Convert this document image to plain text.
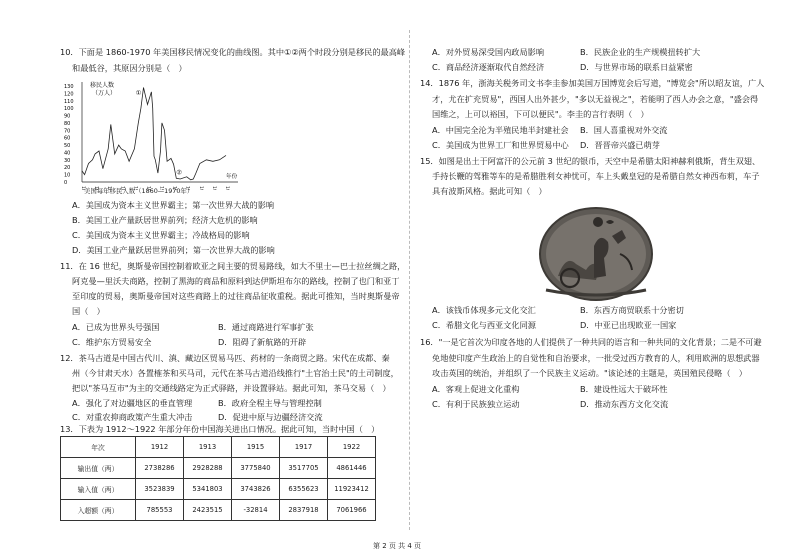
10．下面是 1860-1970 年美国移民情况变化的曲线图。其中①②两个时段分别是移民的最高峰
和最低谷，其原因分别是（　）
移民人数
（万人）
130
120
110
100
90
80
70
60
50
40
30
20
10
0
年份
①
②
美国每年移民人数（1860—1970年）
A．美国成为资本主义世界霸主；第一次世界大战的影响
B．美国工业产量跃居世界前列；经济大危机的影响
C．美国成为资本主义世界霸主；冷战格局的影响
D．美国工业产量跃居世界前列；第一次世界大战的影响
11．在 16 世纪，奥斯曼帝国控制着欧亚之间主要的贸易路线，如大不里士—巴士拉丝绸之路，
阿克曼—里沃夫商路，控制了黑海的商品和原料到达伊斯坦布尔的路线，控制了也门和亚丁
至印度的贸易，奥斯曼帝国对这些商路上的过往商品征收重税。据此可推知，当时奥斯曼帝
国（　）
A．已成为世界头号强国	B．通过商路进行军事扩张
C．维护东方贸易安全	D．阻碍了新航路的开辟
12．茶马古道是中国古代川、滇、藏边区贸易马匹、药材的一条商贸之路。宋代在成都、秦
州（今甘肃天水）各置榷茶和买马司，元代在茶马古道沿线推行"土官治土民"的土司制度，
把以"茶马互市"为主的交通线路定为正式驿路，并设置驿站。据此可知，茶马交易（　）
A．强化了对边疆地区的垂直管理	B．政府全程主导与管理控制
C．对重农抑商政策产生重大冲击	D．促进中原与边疆经济交流
13．下表为 1912～1922 年部分年份中国海关进出口情况。据此可知，当时中国（　）
年次	1912	1913	1915	1917	1922
输出值（两）	2738286	2928288	3775840	3517705	4861446
输入值（两）	3523839	5341803	3743826	6355623	11923412
入超额（两）	785553	2423515	-32814	2837918	7061966
A．对外贸易深受国内政局影响	B．民族企业的生产规模扭转扩大
C．商品经济逐渐取代自然经济	D．与世界市场的联系日益紧密
14．1876 年，浙海关税务司文书李圭参加美国万国博览会后写道，"博览会"所以昭友谊，广人
才，尤在扩充贸易"，西国人出外甚少，"多以无益视之"，若能明了西人办会之意，"盛会得
国维之，上可以裕国，下可以便民"。李圭的言行表明（　）
A．中国完全沦为半殖民地半封建社会 B．国人喜重视对外交流
C．美国成为世界工厂和世界贸易中心 D．晋晋帝兴盛已萌芽
15．如图是出土于阿富汗的公元前 3 世纪的银币，天空中是希腊太阳神赫利俄斯，背生双翅、
手持长鞭的驾雅等车的是希腊胜利女神忧可，车上头戴皇冠的是希腊自然女神西布莉，车子
具有波斯风格。据此可知（　）
A．该钱币体现多元文化交汇	B．东西方商贸联系十分密切
C．希腊文化与西亚文化同源	D．中亚已出现欧亚一国家
16．"一是它首次为印度各地的人们提供了一种共同的语言和一种共同的文化背景；二是不可避
免地使印度产生政治上的自觉性和自治要求，一批受过西方教育的人，利用欧洲的思想武器
攻击英国的统治，并组织了一个民族主义运动。"该论述的主题是，英国殖民侵略（　）
A．客观上促进文化重构	B．建设性远大于破坏性
C．有利于民族独立运动	D．推动东西方文化交流
第 2 页 共 4 页
